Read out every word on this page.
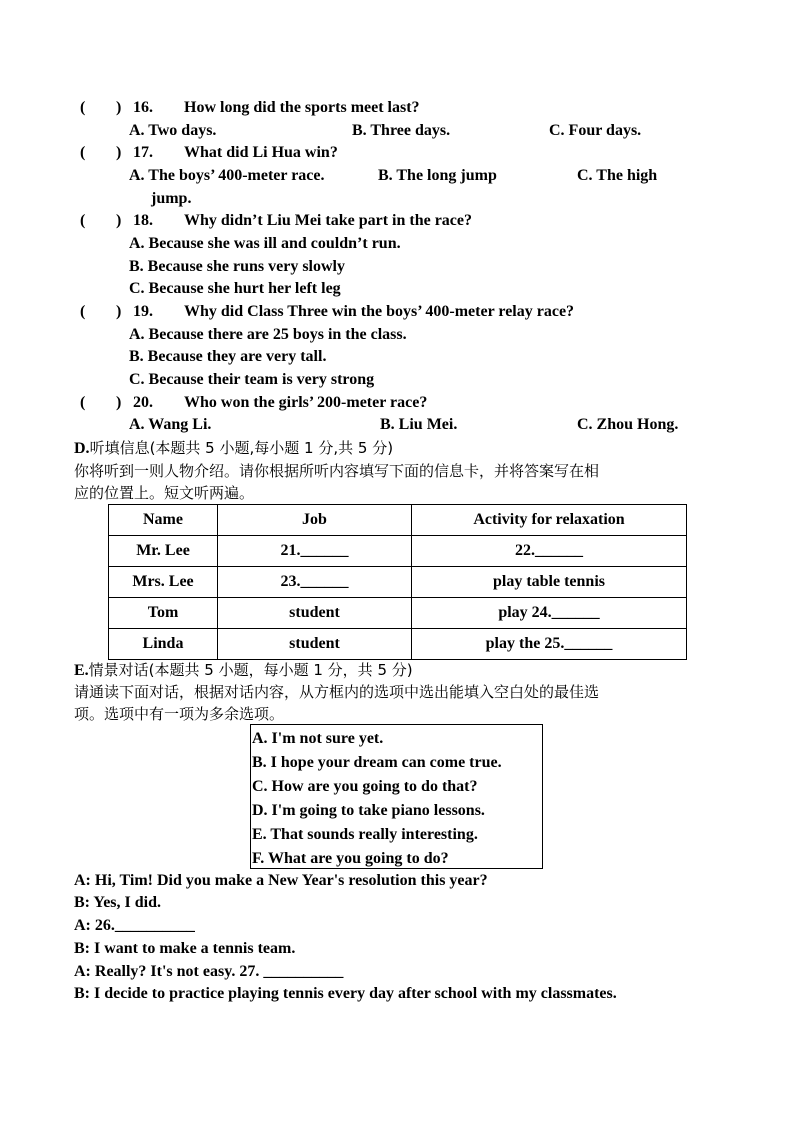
( ) 16. How long did the sports meet last?
A. Two days.	B. Three days.	C. Four days.
( ) 17. What did Li Hua win?
A. The boys’ 400-meter race.	B. The long jump	C. The high
jump.
( ) 18. Why didn’t Liu Mei take part in the race?
A. Because she was ill and couldn’t run.
B. Because she runs very slowly
C. Because she hurt her left leg
( ) 19. Why did Class Three win the boys’ 400-meter relay race?
A. Because there are 25 boys in the class.
B. Because they are very tall.
C. Because their team is very strong
( ) 20. Who won the girls’ 200-meter race?
A. Wang Li.	B. Liu Mei.	C. Zhou Hong.
D.听填信息(本题共 5 小题,每小题 1 分,共 5 分)
你将听到一则人物介绍。请你根据所听内容填写下面的信息卡，并将答案写在相
应的位置上。短文听两遍。
Name	Job	Activity for relaxation
Mr. Lee	21.______	22.______
Mrs. Lee	23.______	play table tennis
Tom	student	play 24.______
Linda	student	play the 25.______
E.情景对话(本题共 5 小题，每小题 1 分，共 5 分)
请通读下面对话，根据对话内容，从方框内的选项中选出能填入空白处的最佳选
项。选项中有一项为多余选项。
A. I'm not sure yet.
B. I hope your dream can come true.
C. How are you going to do that?
D. I'm going to take piano lessons.
E. That sounds really interesting.
F. What are you going to do?
A: Hi, Tim! Did you make a New Year's resolution this year?
B: Yes, I did.
A: 26.__________
B: I want to make a tennis team.
A: Really? It's not easy. 27. __________
B: I decide to practice playing tennis every day after school with my classmates.
